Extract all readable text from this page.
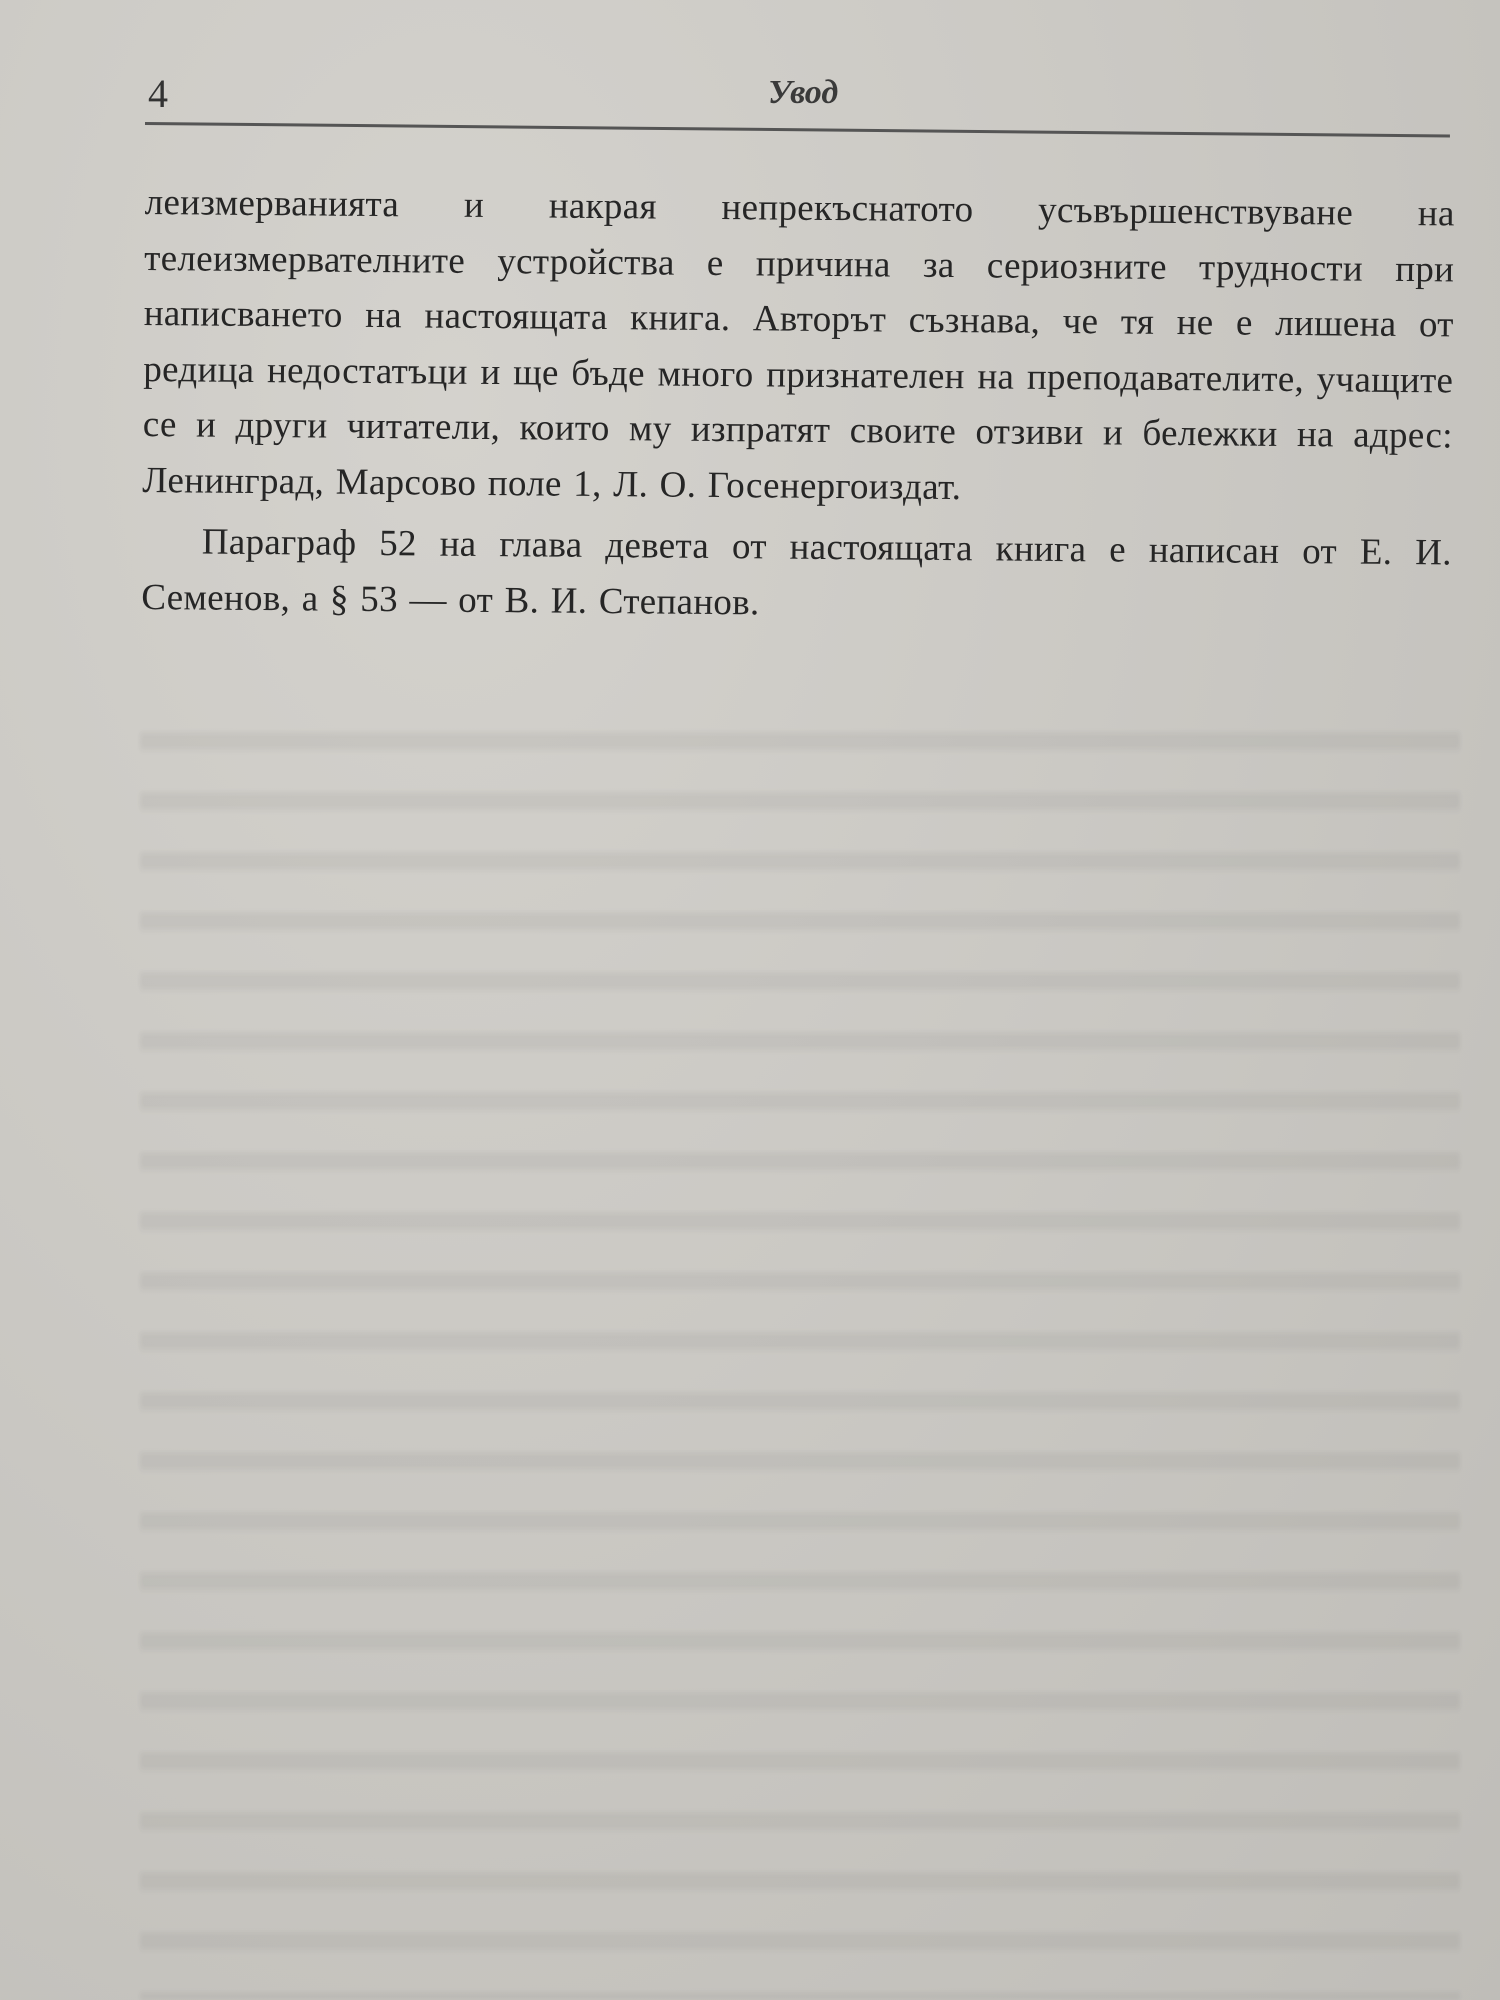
4	Увод

леизмерванията и накрая непрекъснатото усъвършенствуване на телеизмервателните устройства е причина за сериозните трудности при написването на настоящата книга. Авторът съзнава, че тя не е лишена от редица недостатъци и ще бъде много признателен на преподавателите, учащите се и други читатели, които му изпратят своите отзиви и бележки на адрес: Ленинград, Марсово поле 1, Л. О. Госенергоиздат.

Параграф 52 на глава девета от настоящата книга е написан от Е. И. Семенов, а § 53 — от В. И. Степанов.
